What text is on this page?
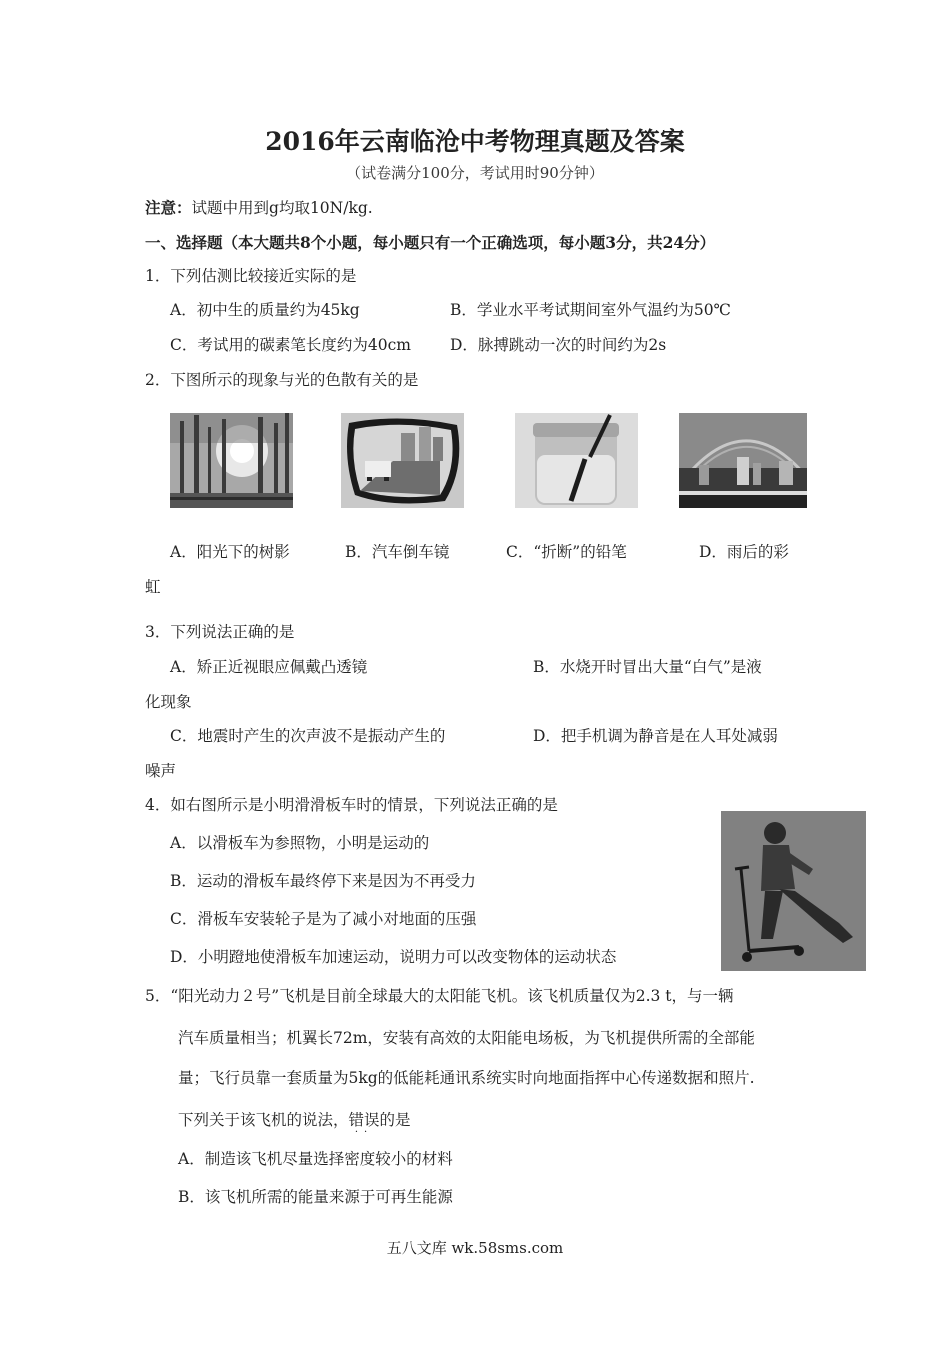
2016年云南临沧中考物理真题及答案
（试卷满分100分，考试用时90分钟）
注意：试题中用到g均取10N/kg.
一、选择题（本大题共8个小题，每小题只有一个正确选项，每小题3分，共24分）
1．下列估测比较接近实际的是
A．初中生的质量约为45kg	B．学业水平考试期间室外气温约为50℃
C．考试用的碳素笔长度约为40cm	D．脉搏跳动一次的时间约为2s
2．下图所示的现象与光的色散有关的是
A．阳光下的树影	B．汽车倒车镜	C．“折断”的铅笔	D．雨后的彩
虹
3．下列说法正确的是
A．矫正近视眼应佩戴凸透镜	B．水烧开时冒出大量“白气”是液
化现象
C．地震时产生的次声波不是振动产生的	D．把手机调为静音是在人耳处减弱
噪声
4．如右图所示是小明滑滑板车时的情景，下列说法正确的是
A．以滑板车为参照物，小明是运动的
B．运动的滑板车最终停下来是因为不再受力
C．滑板车安装轮子是为了减小对地面的压强
D．小明蹬地使滑板车加速运动，说明力可以改变物体的运动状态
5．“阳光动力２号”飞机是目前全球最大的太阳能飞机。该飞机质量仅为2.3 t，与一辆
汽车质量相当；机翼长72m，安装有高效的太阳能电场板，为飞机提供所需的全部能
量；飞行员靠一套质量为5kg的低能耗通讯系统实时向地面指挥中心传递数据和照片.
下列关于该飞机的说法，错误
··
的是
A．制造该飞机尽量选择密度较小的材料
B．该飞机所需的能量来源于可再生能源
五八文库 wk.58sms.com
